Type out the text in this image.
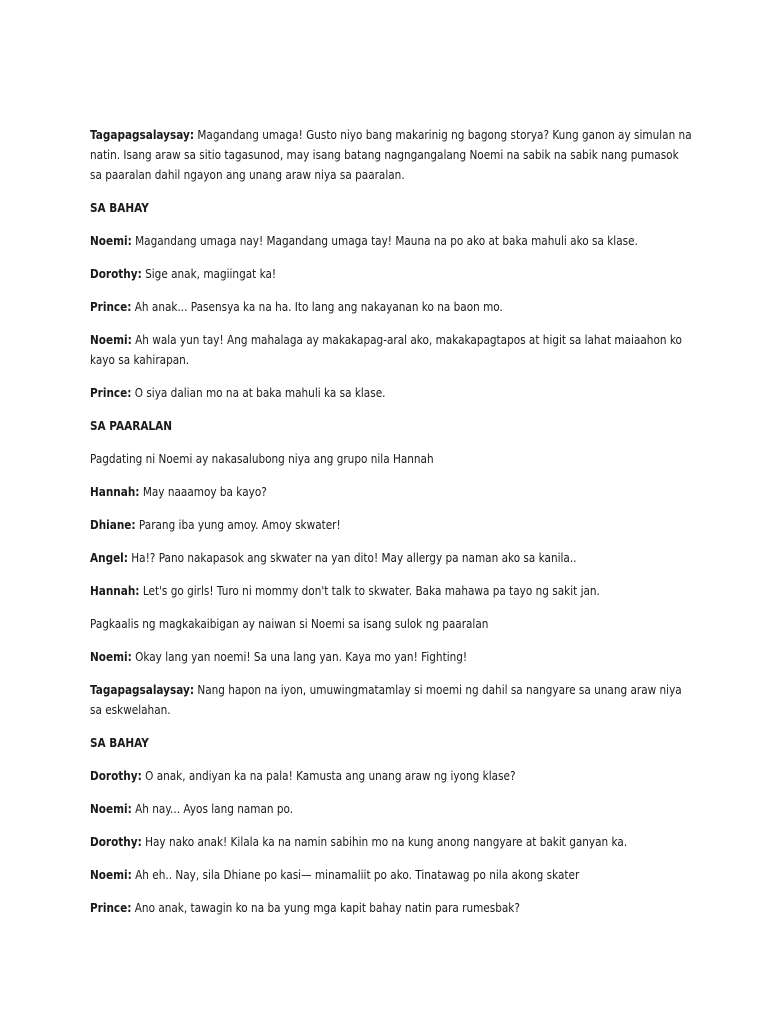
Tagapagsalaysay: Magandang umaga! Gusto niyo bang makarinig ng bagong storya? Kung ganon ay simulan na natin. Isang araw sa sitio tagasunod, may isang batang nagngangalang Noemi na sabik na sabik nang pumasok sa paaralan dahil ngayon ang unang araw niya sa paaralan.

SA BAHAY

Noemi: Magandang umaga nay! Magandang umaga tay! Mauna na po ako at baka mahuli ako sa klase.

Dorothy: Sige anak, magiingat ka!

Prince: Ah anak... Pasensya ka na ha. Ito lang ang nakayanan ko na baon mo.

Noemi: Ah wala yun tay! Ang mahalaga ay makakapag-aral ako, makakapagtapos at higit sa lahat maiaahon ko kayo sa kahirapan.

Prince: O siya dalian mo na at baka mahuli ka sa klase.

SA PAARALAN

Pagdating ni Noemi ay nakasalubong niya ang grupo nila Hannah

Hannah: May naaamoy ba kayo?

Dhiane: Parang iba yung amoy. Amoy skwater!

Angel: Ha!? Pano nakapasok ang skwater na yan dito! May allergy pa naman ako sa kanila..

Hannah: Let's go girls! Turo ni mommy don't talk to skwater. Baka mahawa pa tayo ng sakit jan.

Pagkaalis ng magkakaibigan ay naiwan si Noemi sa isang sulok ng paaralan

Noemi: Okay lang yan noemi! Sa una lang yan. Kaya mo yan! Fighting!

Tagapagsalaysay: Nang hapon na iyon, umuwingmatamlay si moemi ng dahil sa nangyare sa unang araw niya sa eskwelahan.

SA BAHAY

Dorothy: O anak, andiyan ka na pala! Kamusta ang unang araw ng iyong klase?

Noemi: Ah nay... Ayos lang naman po.

Dorothy: Hay nako anak! Kilala ka na namin sabihin mo na kung anong nangyare at bakit ganyan ka.

Noemi: Ah eh.. Nay, sila Dhiane po kasi— minamaliit po ako. Tinatawag po nila akong skater

Prince: Ano anak, tawagin ko na ba yung mga kapit bahay natin para rumesbak?
